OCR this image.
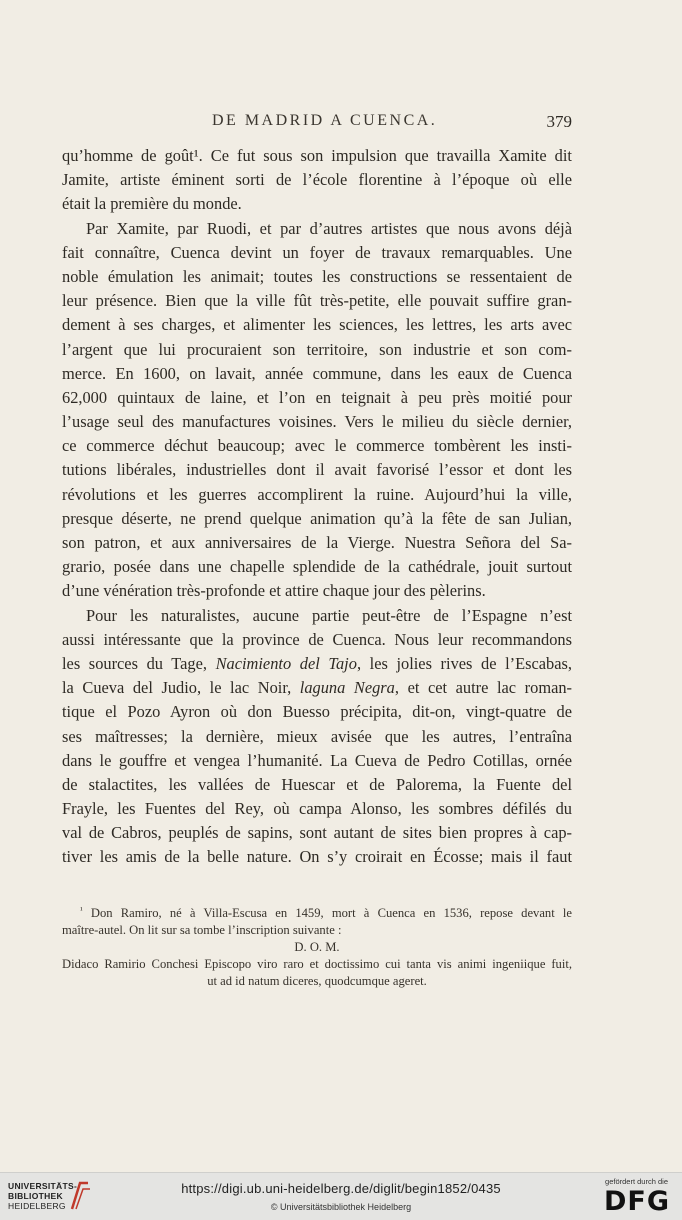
DE MADRID A CUENCA.	379
qu’homme de goût¹. Ce fut sous son impulsion que travailla Xamite dit
Jamite, artiste éminent sorti de l’école florentine à l’époque où elle
était la première du monde.
Par Xamite, par Ruodi, et par d’autres artistes que nous avons déjà
fait connaître, Cuenca devint un foyer de travaux remarquables. Une
noble émulation les animait; toutes les constructions se ressentaient de
leur présence. Bien que la ville fût très-petite, elle pouvait suffire gran-
dement à ses charges, et alimenter les sciences, les lettres, les arts avec
l’argent que lui procuraient son territoire, son industrie et son com-
merce. En 1600, on lavait, année commune, dans les eaux de Cuenca
62,000 quintaux de laine, et l’on en teignait à peu près moitié pour
l’usage seul des manufactures voisines. Vers le milieu du siècle dernier,
ce commerce déchut beaucoup; avec le commerce tombèrent les insti-
tutions libérales, industrielles dont il avait favorisé l’essor et dont les
révolutions et les guerres accomplirent la ruine. Aujourd’hui la ville,
presque déserte, ne prend quelque animation qu’à la fête de san Julian,
son patron, et aux anniversaires de la Vierge. Nuestra Señora del Sa-
grario, posée dans une chapelle splendide de la cathédrale, jouit surtout
d’une vénération très-profonde et attire chaque jour des pèlerins.
Pour les naturalistes, aucune partie peut-être de l’Espagne n’est
aussi intéressante que la province de Cuenca. Nous leur recommandons
les sources du Tage, Nacimiento del Tajo, les jolies rives de l’Escabas,
la Cueva del Judio, le lac Noir, laguna Negra, et cet autre lac roman-
tique el Pozo Ayron où don Buesso précipita, dit-on, vingt-quatre de
ses maîtresses; la dernière, mieux avisée que les autres, l’entraîna
dans le gouffre et vengea l’humanité. La Cueva de Pedro Cotillas, ornée
de stalactites, les vallées de Huescar et de Palorema, la Fuente del
Frayle, les Fuentes del Rey, où campa Alonso, les sombres défilés du
val de Cabros, peuplés de sapins, sont autant de sites bien propres à cap-
tiver les amis de la belle nature. On s’y croirait en Écosse; mais il faut
$^{^1}$ Don Ramiro, né à Villa-Escusa en 1459, mort à Cuenca en 1536, repose devant le
maître-autel. On lit sur sa tombe l’inscription suivante :
D. O. M.
Didaco Ramirio Conchesi Episcopo viro raro et doctissimo cui tanta vis animi ingeniique fuit,
ut ad id natum diceres, quodcumque ageret.
UNIVERSITÄTS-
BIBLIOTHEK
HEIDELBERG
https://digi.ub.uni-heidelberg.de/diglit/begin1852/0435
© Universitätsbibliothek Heidelberg
gefördert durch die
DFG
